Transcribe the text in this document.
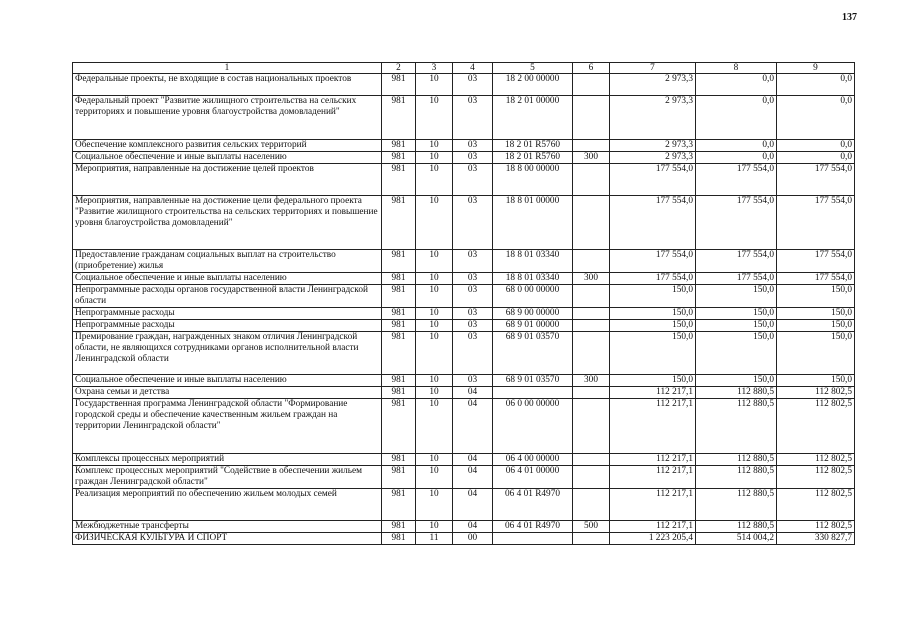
137
1	2	3	4	5	6	7	8	9
Федеральные проекты, не входящие в состав национальных проектов	981	10	03	18 2 00 00000		2 973,3	0,0	0,0
Федеральный проект "Развитие жилищного строительства на сельских территориях и повышение уровня благоустройства домовладений"	981	10	03	18 2 01 00000		2 973,3	0,0	0,0
Обеспечение комплексного развития сельских территорий	981	10	03	18 2 01 R5760		2 973,3	0,0	0,0
Социальное обеспечение и иные выплаты населению	981	10	03	18 2 01 R5760	300	2 973,3	0,0	0,0
Мероприятия, направленные на достижение целей проектов	981	10	03	18 8 00 00000		177 554,0	177 554,0	177 554,0
Мероприятия, направленные на достижение цели федерального проекта "Развитие жилищного строительства на сельских территориях и повышение уровня благоустройства домовладений"	981	10	03	18 8 01 00000		177 554,0	177 554,0	177 554,0
Предоставление гражданам социальных выплат на строительство (приобретение) жилья	981	10	03	18 8 01 03340		177 554,0	177 554,0	177 554,0
Социальное обеспечение и иные выплаты населению	981	10	03	18 8 01 03340	300	177 554,0	177 554,0	177 554,0
Непрограммные расходы органов государственной власти Ленинградской области	981	10	03	68 0 00 00000		150,0	150,0	150,0
Непрограммные расходы	981	10	03	68 9 00 00000		150,0	150,0	150,0
Непрограммные расходы	981	10	03	68 9 01 00000		150,0	150,0	150,0
Премирование граждан, награжденных знаком отличия Ленинградской области, не являющихся сотрудниками органов исполнительной власти Ленинградской области	981	10	03	68 9 01 03570		150,0	150,0	150,0
Социальное обеспечение и иные выплаты населению	981	10	03	68 9 01 03570	300	150,0	150,0	150,0
Охрана семьи и детства	981	10	04			112 217,1	112 880,5	112 802,5
Государственная программа Ленинградской области "Формирование городской среды и обеспечение качественным жильем граждан на территории Ленинградской области"	981	10	04	06 0 00 00000		112 217,1	112 880,5	112 802,5
Комплексы процессных мероприятий	981	10	04	06 4 00 00000		112 217,1	112 880,5	112 802,5
Комплекс процессных мероприятий "Содействие в обеспечении жильем граждан Ленинградской области"	981	10	04	06 4 01 00000		112 217,1	112 880,5	112 802,5
Реализация мероприятий по обеспечению жильем молодых семей	981	10	04	06 4 01 R4970		112 217,1	112 880,5	112 802,5
Межбюджетные трансферты	981	10	04	06 4 01 R4970	500	112 217,1	112 880,5	112 802,5
ФИЗИЧЕСКАЯ КУЛЬТУРА И СПОРТ	981	11	00			1 223 205,4	514 004,2	330 827,7
